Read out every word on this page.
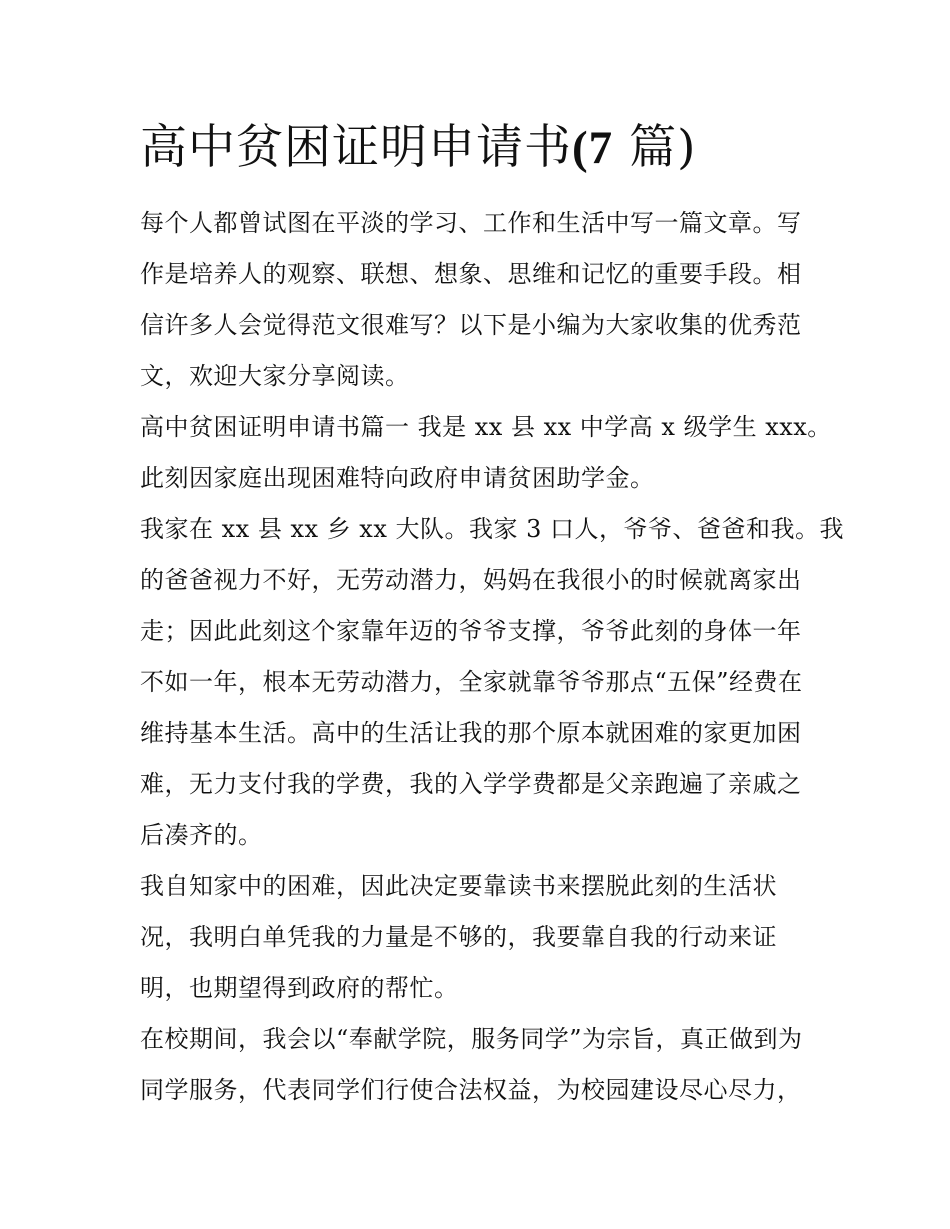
高中贫困证明申请书(7 篇)
每个人都曾试图在平淡的学习、工作和生活中写一篇文章。写
作是培养人的观察、联想、想象、思维和记忆的重要手段。相
信许多人会觉得范文很难写？以下是小编为大家收集的优秀范
文，欢迎大家分享阅读。
高中贫困证明申请书篇一 我是 xx 县 xx 中学高 x 级学生 xxx。
此刻因家庭出现困难特向政府申请贫困助学金。
我家在 xx 县 xx 乡 xx 大队。我家 3 口人，爷爷、爸爸和我。我
的爸爸视力不好，无劳动潜力，妈妈在我很小的时候就离家出
走；因此此刻这个家靠年迈的爷爷支撑，爷爷此刻的身体一年
不如一年，根本无劳动潜力，全家就靠爷爷那点“五保”经费在
维持基本生活。高中的生活让我的那个原本就困难的家更加困
难，无力支付我的学费，我的入学学费都是父亲跑遍了亲戚之
后凑齐的。
我自知家中的困难，因此决定要靠读书来摆脱此刻的生活状
况，我明白单凭我的力量是不够的，我要靠自我的行动来证
明，也期望得到政府的帮忙。
在校期间，我会以“奉献学院，服务同学”为宗旨，真正做到为
同学服务，代表同学们行使合法权益，为校园建设尽心尽力，
